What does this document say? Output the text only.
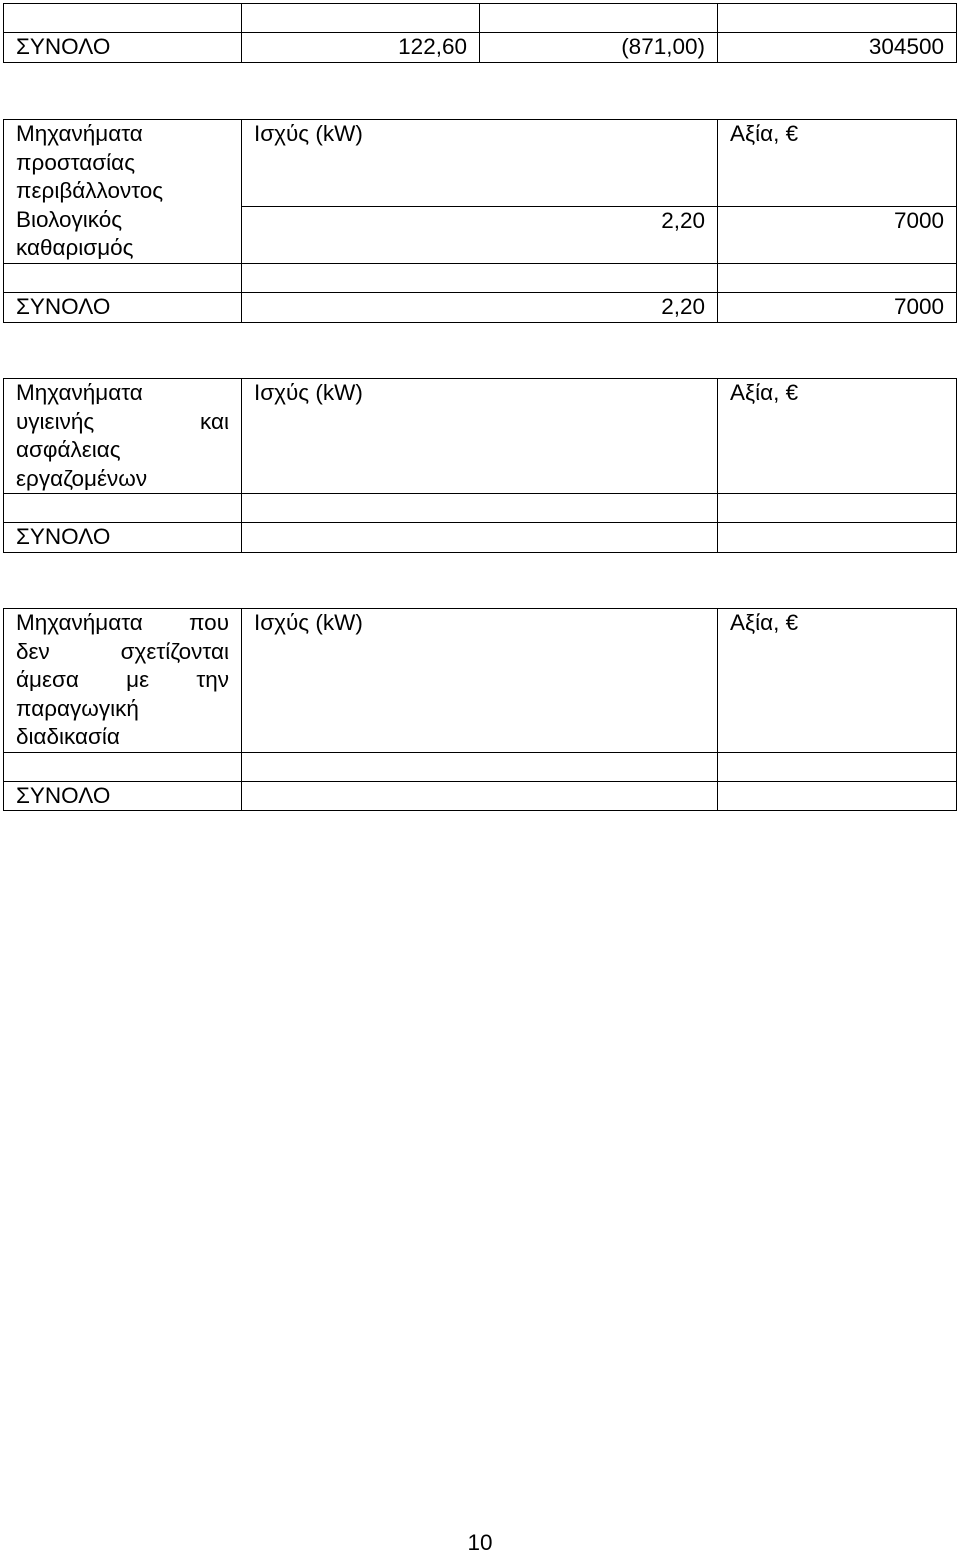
ΣΥΝΟΛΟ	122,60	(871,00)	304500
Μηχανήματα
προστασίας
περιβάλλοντος
Βιολογικός
καθαρισμός	Ισχύς (kW)	Αξία, €
	2,20	7000

ΣΥΝΟΛΟ	2,20	7000
Μηχανήματα
υγιεινής και
ασφάλειας
εργαζομένων	Ισχύς (kW)	Αξία, €

ΣΥΝΟΛΟ		
Μηχανήματα που
δεν σχετίζονται
άμεσα με την
παραγωγική
διαδικασία	Ισχύς (kW)	Αξία, €

ΣΥΝΟΛΟ		
10
